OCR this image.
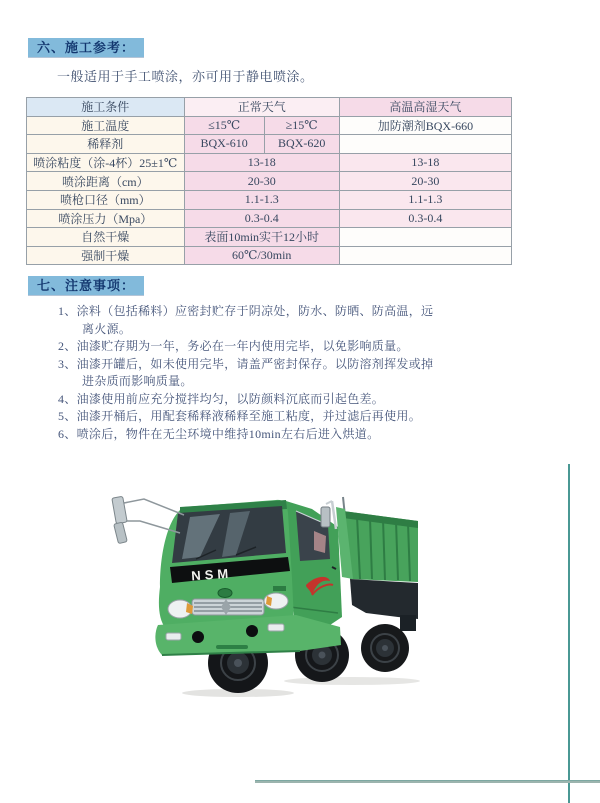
六、施工参考：
一般适用于手工喷涂，亦可用于静电喷涂。
施工条件	正常天气		高温高湿天气
施工温度	≤15℃	≥15℃	加防潮剂BQX-660
稀释剂	BQX-610	BQX-620	
喷涂粘度（涂-4杯）25±1℃	13-18		13-18
喷涂距离（cm）	20-30		20-30
喷枪口径（mm）	1.1-1.3		1.1-1.3
喷涂压力（Mpa）	0.3-0.4		0.3-0.4
自然干燥	表面10min实干12小时		
强制干燥	60℃/30min		
七、注意事项：
1、涂料（包括稀料）应密封贮存于阴凉处，防水、防晒、防高温，远离火源。
2、油漆贮存期为一年，务必在一年内使用完毕，以免影响质量。
3、油漆开罐后，如未使用完毕，请盖严密封保存。以防溶剂挥发或掉进杂质而影响质量。
4、油漆使用前应充分搅拌均匀，以防颜料沉底而引起色差。
5、油漆开桶后，用配套稀释液稀释至施工粘度，并过滤后再使用。
6、喷涂后，物件在无尘环境中维持10min左右后进入烘道。
NSM
